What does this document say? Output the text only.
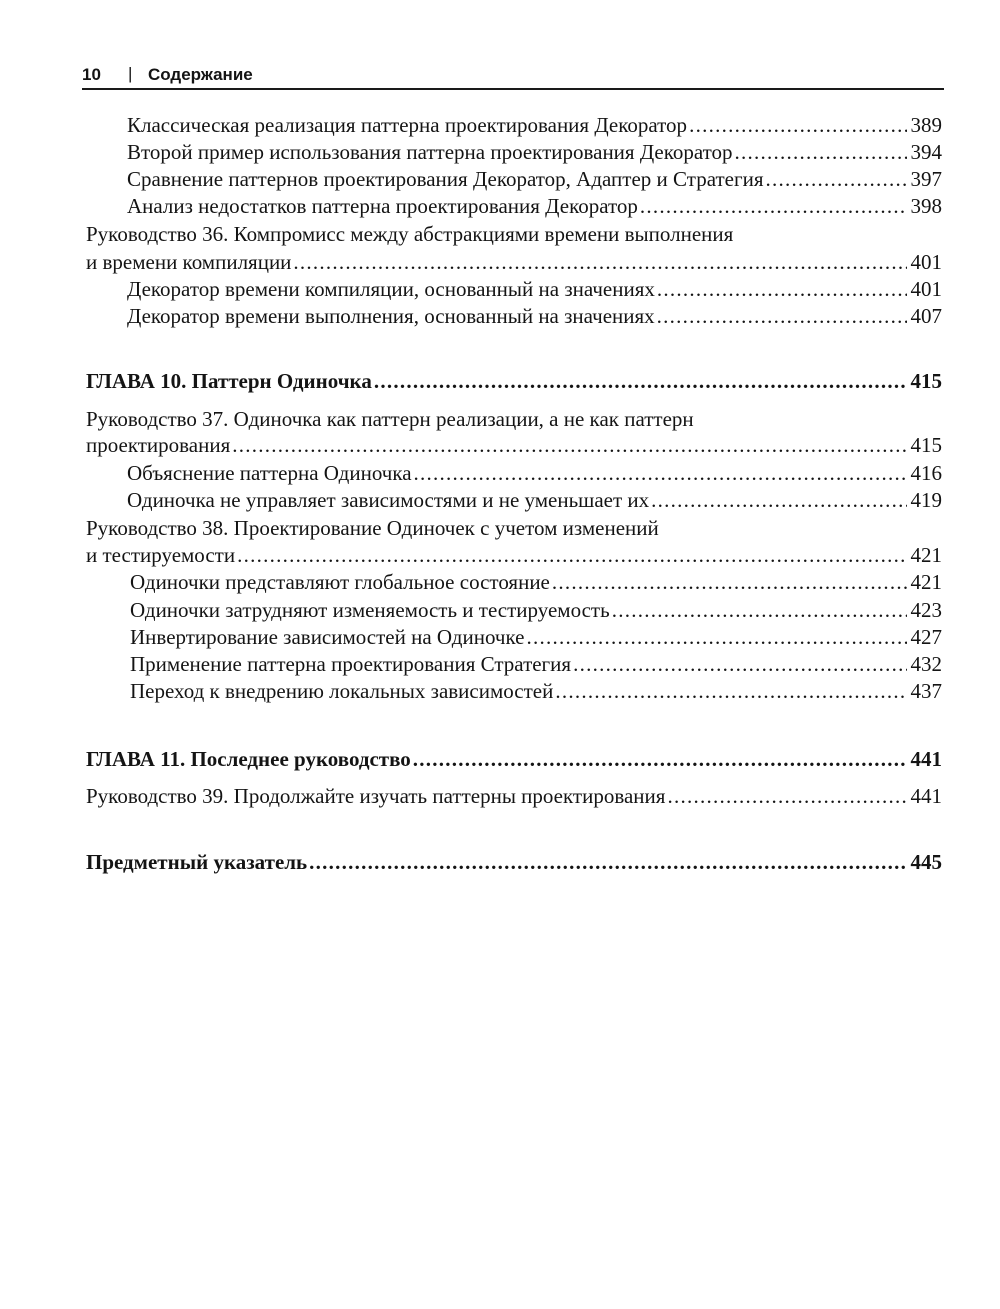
10 | Содержание
Классическая реализация паттерна проектирования Декоратор . . .	389
Второй пример использования паттерна проектирования Декоратор . . .	394
Сравнение паттернов проектирования Декоратор, Адаптер и Стратегия . . .	397
Анализ недостатков паттерна проектирования Декоратор . . .	398
Руководство 36. Компромисс между абстракциями времени выполнения
и времени компиляции . . .	401
Декоратор времени компиляции, основанный на значениях . . .	401
Декоратор времени выполнения, основанный на значениях . . .	407
ГЛАВА 10. Паттерн Одиночка . . .	415
Руководство 37. Одиночка как паттерн реализации, а не как паттерн
проектирования . . .	415
Объяснение паттерна Одиночка . . .	416
Одиночка не управляет зависимостями и не уменьшает их . . .	419
Руководство 38. Проектирование Одиночек с учетом изменений
и тестируемости . . .	421
Одиночки представляют глобальное состояние . . .	421
Одиночки затрудняют изменяемость и тестируемость . . .	423
Инвертирование зависимостей на Одиночке . . .	427
Применение паттерна проектирования Стратегия . . .	432
Переход к внедрению локальных зависимостей . . .	437
ГЛАВА 11. Последнее руководство . . .	441
Руководство 39. Продолжайте изучать паттерны проектирования . . .	441
Предметный указатель . . .	445
